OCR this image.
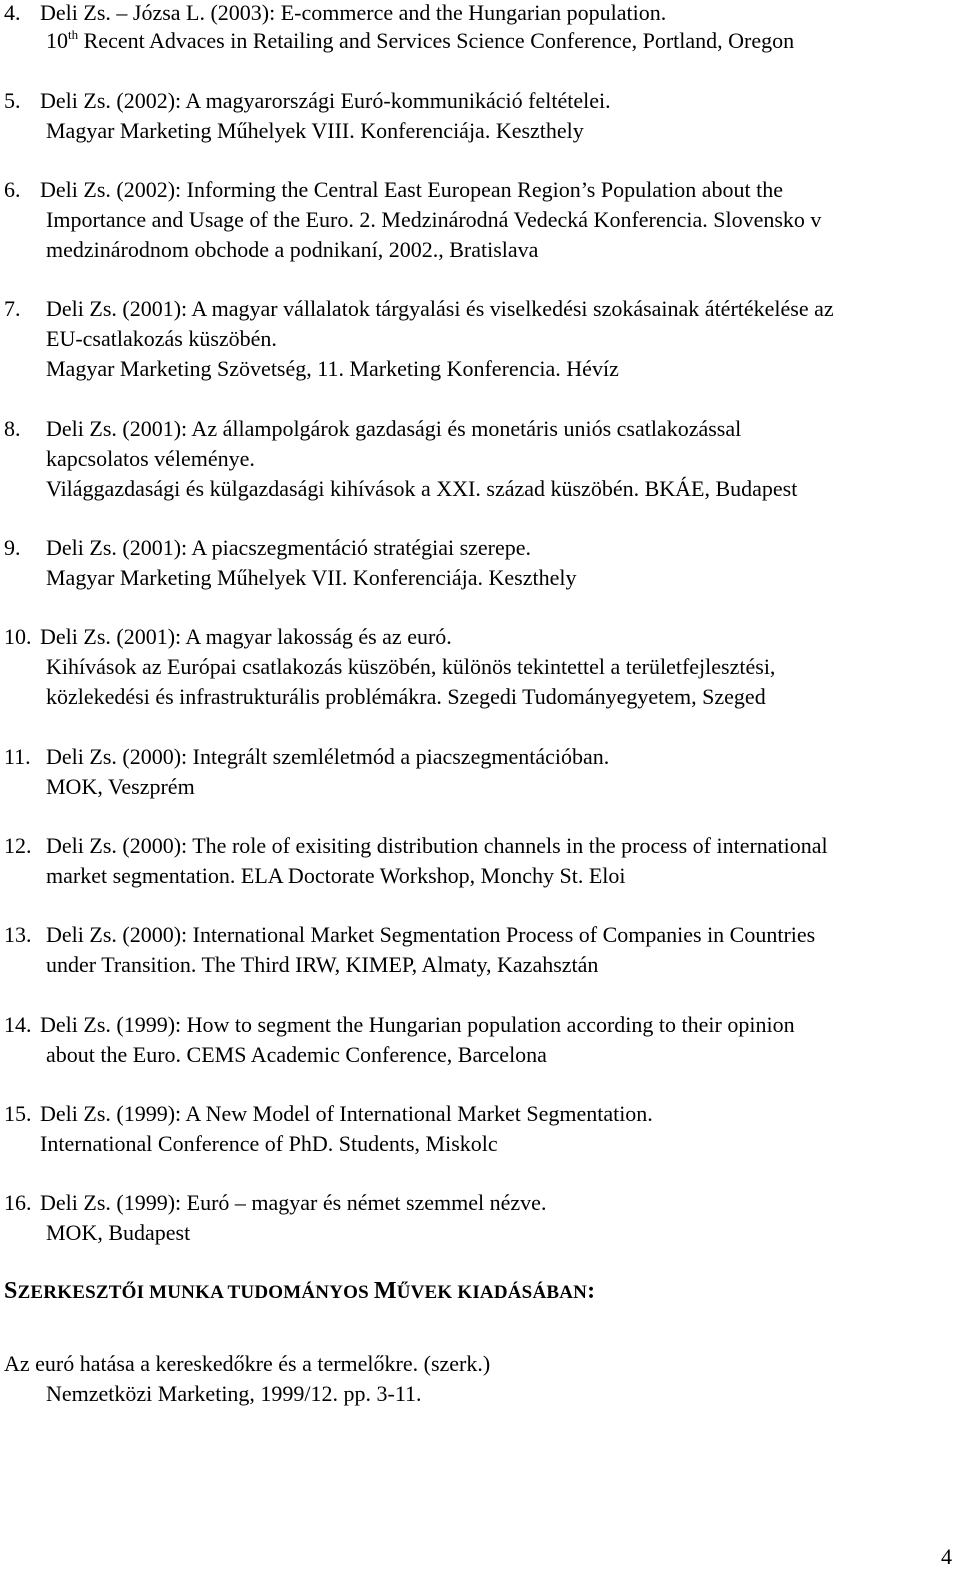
4. Deli Zs. – Józsa L. (2003): E-commerce and the Hungarian population.
10th Recent Advaces in Retailing and Services Science Conference, Portland, Oregon
5. Deli Zs. (2002): A magyarországi Euró-kommunikáció feltételei.
Magyar Marketing Műhelyek VIII. Konferenciája. Keszthely
6. Deli Zs. (2002): Informing the Central East European Region’s Population about the
Importance and Usage of the Euro. 2. Medzinárodná Vedecká Konferencia. Slovensko v
medzinárodnom obchode a podnikaní, 2002., Bratislava
7. Deli Zs. (2001): A magyar vállalatok tárgyalási és viselkedési szokásainak átértékelése az
EU-csatlakozás küszöbén.
Magyar Marketing Szövetség, 11. Marketing Konferencia. Hévíz
8. Deli Zs. (2001): Az állampolgárok gazdasági és monetáris uniós csatlakozással
kapcsolatos véleménye.
Világgazdasági és külgazdasági kihívások a XXI. század küszöbén. BKÁE, Budapest
9. Deli Zs. (2001): A piacszegmentáció stratégiai szerepe.
Magyar Marketing Műhelyek VII. Konferenciája. Keszthely
10. Deli Zs. (2001): A magyar lakosság és az euró.
Kihívások az Európai csatlakozás küszöbén, különös tekintettel a területfejlesztési,
közlekedési és infrastrukturális problémákra. Szegedi Tudományegyetem, Szeged
11. Deli Zs. (2000): Integrált szemléletmód a piacszegmentációban.
MOK, Veszprém
12. Deli Zs. (2000): The role of exisiting distribution channels in the process of international
market segmentation. ELA Doctorate Workshop, Monchy St. Eloi
13. Deli Zs. (2000): International Market Segmentation Process of Companies in Countries
under Transition. The Third IRW, KIMEP, Almaty, Kazahsztán
14. Deli Zs. (1999): How to segment the Hungarian population according to their opinion
about the Euro. CEMS Academic Conference, Barcelona
15. Deli Zs. (1999): A New Model of International Market Segmentation.
International Conference of PhD. Students, Miskolc
16. Deli Zs. (1999): Euró – magyar és német szemmel nézve.
MOK, Budapest
SZERKESZTŐI MUNKA TUDOMÁNYOS MŰVEK KIADÁSÁBAN:
Az euró hatása a kereskedőkre és a termelőkre. (szerk.)
Nemzetközi Marketing, 1999/12. pp. 3-11.
4
